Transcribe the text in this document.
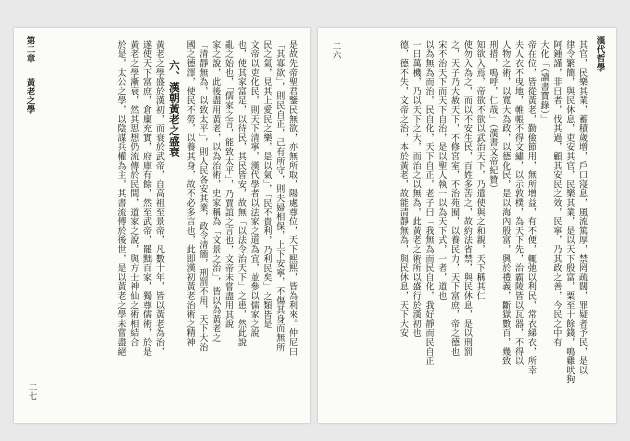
第二章  黃老之學
二七
是故先帝聖君鑒民無欲，亦無所取，陽處尊位，天下熙熙，皆為利來。仲尼曰
「其寡欲」，則民自正，己有所守，則夫婦相保，上下安寧，不傷其身而無所
民之氣，見其上愛民之樂，是以氣」，「民不貴利，乃利民矣」之類皆是
文帝以吏化民，則天下清寧，漢代學者以法家之道為宜，並參以儒家之說
也，使其家富足，以待民，其民皆安，故無「以法令治天下」之患，然此說
亂之始也，「儒家之言，能致太平」，乃賈誼之言也，文帝未嘗盡用其說
家之說，此後盡用黃老，以為治術，史家稱為「文景之治」，皆以為黃老之
「清靜無為，以致太平」，則人民各安其業，政令清簡，刑罰不用，天下大治
國之德澤，使民不勞，以養其身，故不必多言也，此即漢初黃老治術之精神
六、漢朝黃老之盛衰
黃老之學盛於漢初，而衰於武帝，自高祖至景帝，凡數十年，皆以黃老為治，
遂使天下富庶，倉廩充實，府庫有餘，然至武帝，罷黜百家，獨尊儒術，於是
黃老之學漸衰，然其思想仍流傳於民間，道家之說，與方士神仙之術相結合
於是，太公之學，以陰謀兵權為主，其書流傳於後世，是以黃老之學未嘗盡絕	漢代哲學
二六	其官，民樂其業，蓄積歲增，戶口寖息，風流篤厚，禁罔疏闊，罪疑者予民，是以
律令繁簡，與民休息，吏安其官，民樂其業，是以天下殷富，粟至十餘錢，鳴雞吠狗
阿鍾謹，非曰者，伐其過，顧其安民之效，民寧，乃其政之善，今民之中有
大化「（讀書寶錄）」
帝在位，皆從黃老，勤儉節用，無所增益，有不便，輒弛以利民，常衣綈衣，所幸
夫人衣不曳地，帷帳不得文繡，以示敦樸，為天下先，治霸陵皆以瓦器，不得以
人物之術，以寬大為政，以德化民，是以海內殷富，興於禮義，斷獄數百，幾致
刑措，嗚呼，仁哉」（漢書文帝紀贊）
知欲入焉，帝欲不欲以武治天下，乃遣使與之和親，天下稱其仁
使勿入為之，而以不安生民，百姓多苦之，故約法省禁，與民休息，是以刑罰
之，天子乃大赦天下，不修宮室，不治苑囿，以養民力，天下富庶，帝之德也
宋不治天下而天下自治，是以聖人執一以為天下式，一者，道也
以為無為而治，民自化，天下自正，老子曰「我無為而民自化，我好靜而民自正
一日萬機，乃以天下之大，而治之以無為，此黃老之術所以盛行於漢初也
德，德不失，文帝之治，本於黃老，故能清靜無為，與民休息，天下大安
